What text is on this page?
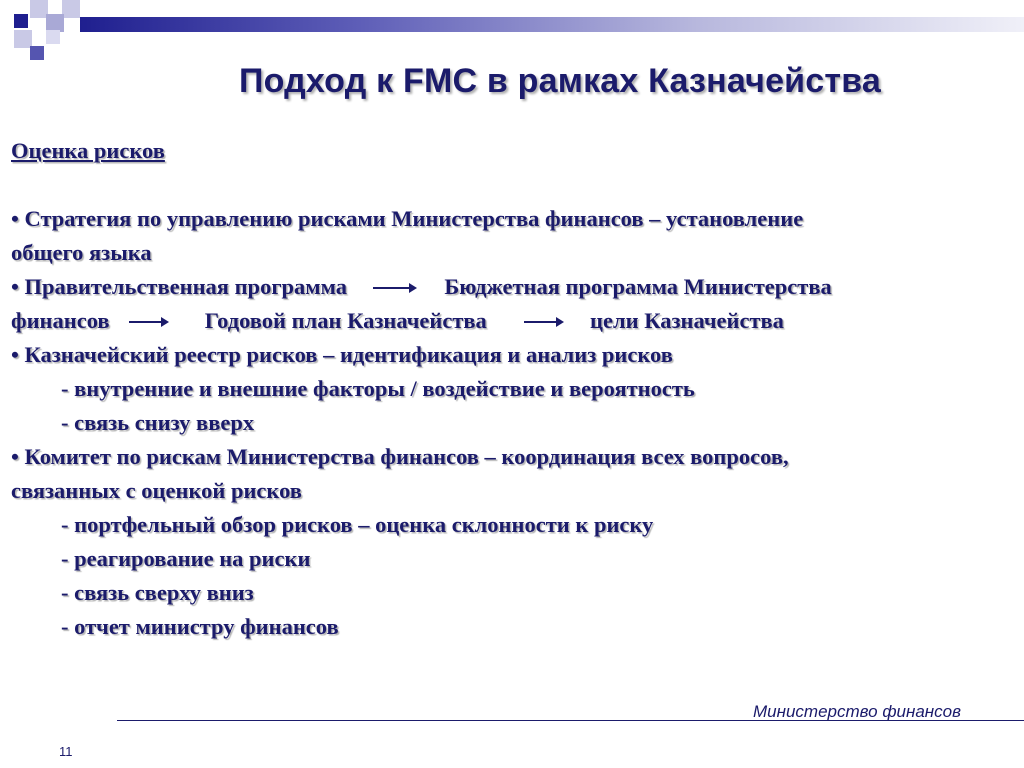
Подход к FMC в рамках Казначейства
Оценка рисков
• Стратегия по управлению рисками Министерства финансов – установление
общего языка
• Правительственная программа	Бюджетная программа Министерства
финансов	Годовой план Казначейства	цели Казначейства
• Казначейский реестр рисков – идентификация и анализ рисков
- внутренние и внешние факторы / воздействие и вероятность
- связь снизу вверх
• Комитет по рискам Министерства финансов – координация всех вопросов,
связанных с оценкой рисков
- портфельный обзор рисков – оценка склонности к риску
- реагирование на риски
- связь сверху вниз
- отчет министру финансов
Министерство финансов
11
